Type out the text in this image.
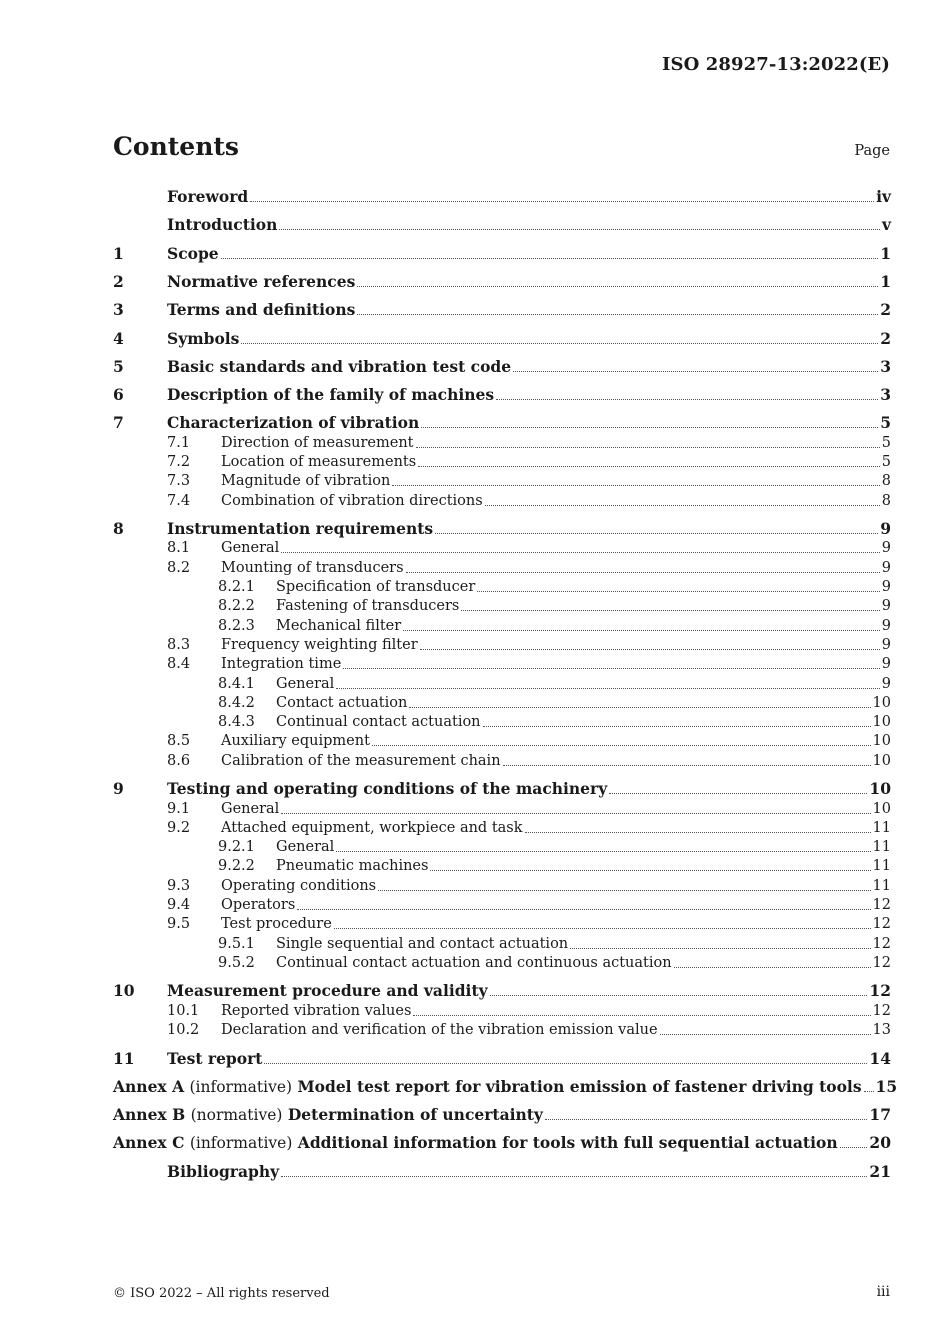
ISO 28927-13:2022(E)
Contents	Page
Foreword	iv
Introduction	v
1	Scope	1
2	Normative references	1
3	Terms and definitions	2
4	Symbols	2
5	Basic standards and vibration test code	3
6	Description of the family of machines	3
7	Characterization of vibration	5
7.1	Direction of measurement	5
7.2	Location of measurements	5
7.3	Magnitude of vibration	8
7.4	Combination of vibration directions	8
8	Instrumentation requirements	9
8.1	General	9
8.2	Mounting of transducers	9
8.2.1	Specification of transducer	9
8.2.2	Fastening of transducers	9
8.2.3	Mechanical filter	9
8.3	Frequency weighting filter	9
8.4	Integration time	9
8.4.1	General	9
8.4.2	Contact actuation	10
8.4.3	Continual contact actuation	10
8.5	Auxiliary equipment	10
8.6	Calibration of the measurement chain	10
9	Testing and operating conditions of the machinery	10
9.1	General	10
9.2	Attached equipment, workpiece and task	11
9.2.1	General	11
9.2.2	Pneumatic machines	11
9.3	Operating conditions	11
9.4	Operators	12
9.5	Test procedure	12
9.5.1	Single sequential and contact actuation	12
9.5.2	Continual contact actuation and continuous actuation	12
10	Measurement procedure and validity	12
10.1	Reported vibration values	12
10.2	Declaration and verification of the vibration emission value	13
11	Test report	14
Annex A (informative) Model test report for vibration emission of fastener driving tools 15
Annex B (normative) Determination of uncertainty	17
Annex C (informative) Additional information for tools with full sequential actuation 20
Bibliography	21
© ISO 2022 – All rights reserved	iii
